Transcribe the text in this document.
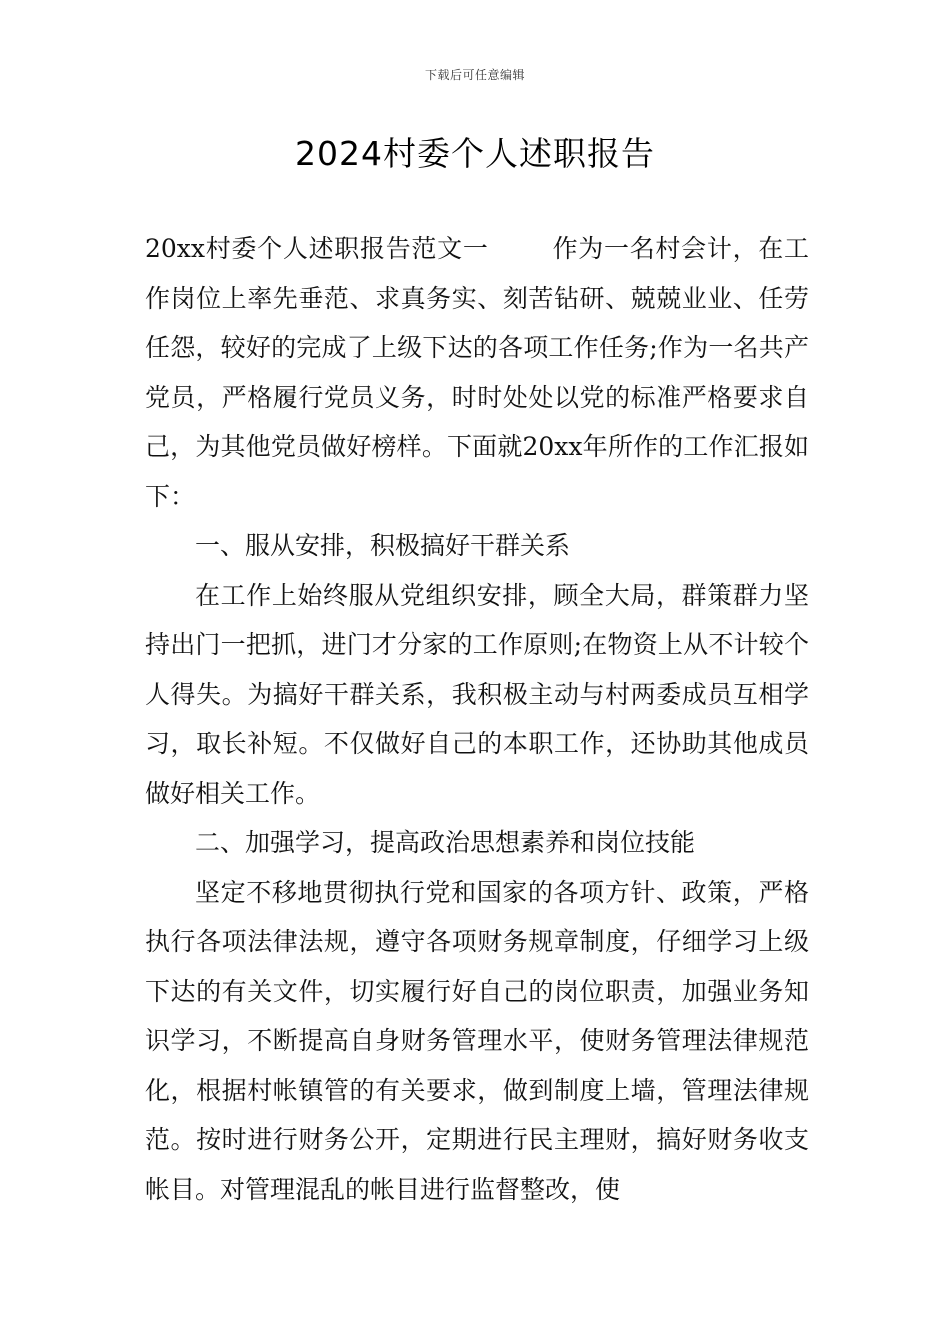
下载后可任意编辑
2024村委个人述职报告

20xx村委个人述职报告范文一	作为一名村会计，在工作岗位上率先垂范、求真务实、刻苦钻研、兢兢业业、任劳任怨，较好的完成了上级下达的各项工作任务;作为一名共产党员，严格履行党员义务，时时处处以党的标准严格要求自己，为其他党员做好榜样。下面就20xx年所作的工作汇报如下：

一、服从安排，积极搞好干群关系

在工作上始终服从党组织安排，顾全大局，群策群力坚持出门一把抓，进门才分家的工作原则;在物资上从不计较个人得失。为搞好干群关系，我积极主动与村两委成员互相学习，取长补短。不仅做好自己的本职工作，还协助其他成员做好相关工作。

二、加强学习，提高政治思想素养和岗位技能

坚定不移地贯彻执行党和国家的各项方针、政策，严格执行各项法律法规，遵守各项财务规章制度，仔细学习上级下达的有关文件，切实履行好自己的岗位职责，加强业务知识学习，不断提高自身财务管理水平，使财务管理法律规范化，根据村帐镇管的有关要求，做到制度上墙，管理法律规范。按时进行财务公开，定期进行民主理财，搞好财务收支帐目。对管理混乱的帐目进行监督整改，使
